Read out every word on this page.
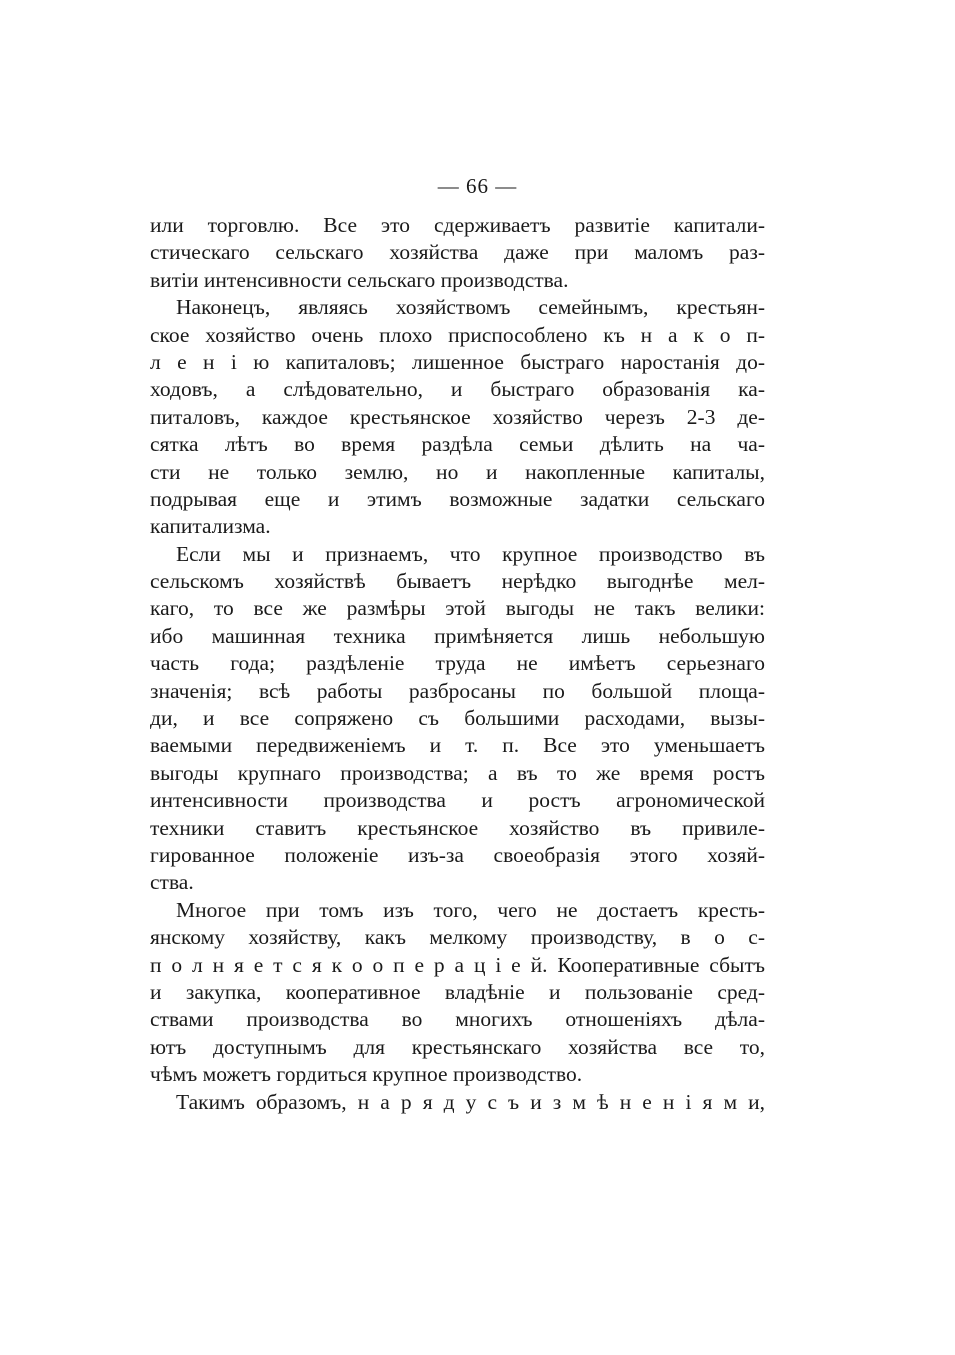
— 66 —
или торговлю. Все это сдерживаетъ развитіе капитали-
стическаго сельскаго хозяйства даже при маломъ раз-
витіи интенсивности сельскаго производства.
Наконецъ, являясь хозяйствомъ семейнымъ, крестьян-
ское хозяйство очень плохо приспособлено къ н а к о п-
л е н і ю капиталовъ; лишенное быстраго наростанія до-
ходовъ, а слѣдовательно, и быстраго образованія ка-
питаловъ, каждое крестьянское хозяйство черезъ 2-3 де-
сятка лѣтъ во время раздѣла семьи дѣлить на ча-
сти не только землю, но и накопленные капиталы,
подрывая еще и этимъ возможные задатки сельскаго
капитализма.
Если мы и признаемъ, что крупное производство въ
сельскомъ хозяйствѣ бываетъ нерѣдко выгоднѣе мел-
каго, то все же размѣры этой выгоды не такъ велики:
ибо машинная техника примѣняется лишь небольшую
часть года; раздѣленіе труда не имѣетъ серьезнаго
значенія; всѣ работы разбросаны по большой площа-
ди, и все сопряжено съ большими расходами, вызы-
ваемыми передвиженіемъ и т. п. Все это уменьшаетъ
выгоды крупнаго производства; а въ то же время ростъ
интенсивности производства и ростъ агрономической
техники ставитъ крестьянское хозяйство въ привиле-
гированное положеніе изъ-за своеобразія этого хозяй-
ства.
Многое при томъ изъ того, чего не достаетъ кресть-
янскому хозяйству, какъ мелкому производству, в о с-
п о л н я е т с я к о о п е р а ц і е й. Кооперативные сбытъ
и закупка, кооперативное владѣніе и пользованіе сред-
ствами производства во многихъ отношеніяхъ дѣла-
ютъ доступнымъ для крестьянскаго хозяйства все то,
чѣмъ можетъ гордиться крупное производство.
Такимъ образомъ, н а р я д у с ъ и з м ѣ н е н і я м и,
